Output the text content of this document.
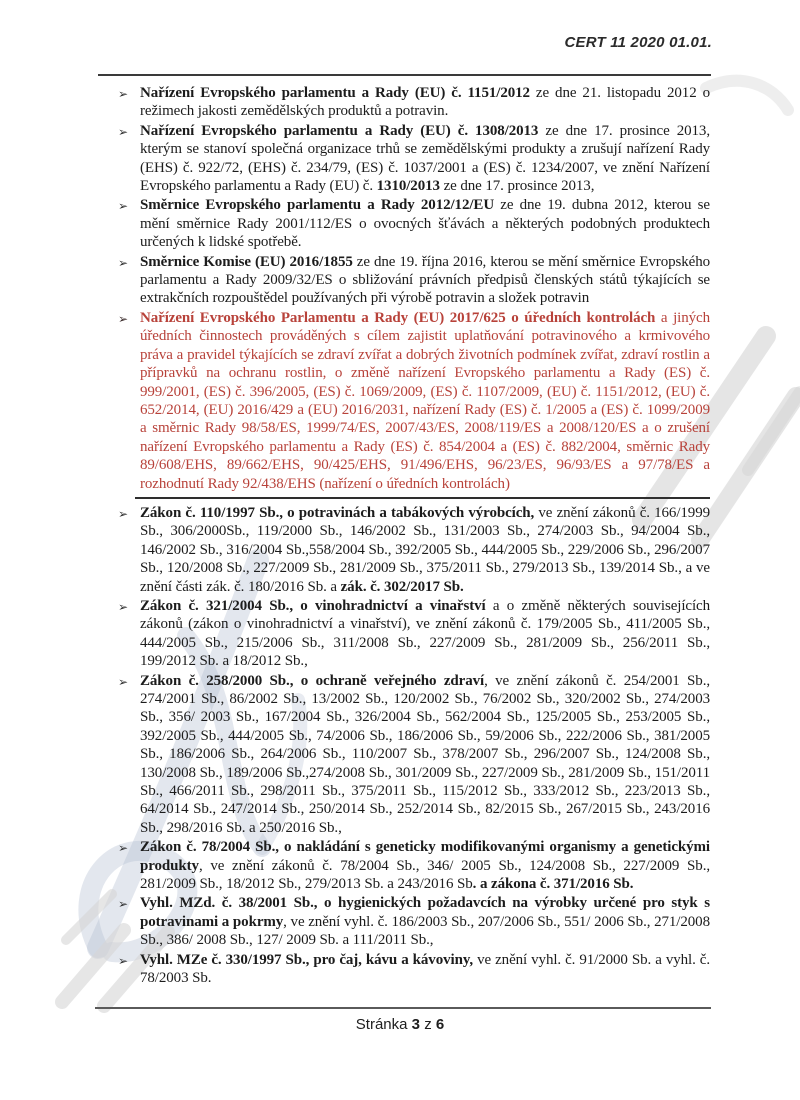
CERT 11 2020 01.01.
➢ Nařízení Evropského parlamentu a Rady (EU) č. 1151/2012 ze dne 21. listopadu 2012 o režimech jakosti zemědělských produktů a potravin.
➢ Nařízení Evropského parlamentu a Rady (EU) č. 1308/2013 ze dne 17. prosince 2013, kterým se stanoví společná organizace trhů se zemědělskými produkty a zrušují nařízení Rady (EHS) č. 922/72, (EHS) č. 234/79, (ES) č. 1037/2001 a (ES) č. 1234/2007, ve znění Nařízení Evropského parlamentu a Rady (EU) č. 1310/2013 ze dne 17. prosince 2013,
➢ Směrnice Evropského parlamentu a Rady 2012/12/EU ze dne 19. dubna 2012, kterou se mění směrnice Rady 2001/112/ES o ovocných šťávách a některých podobných produktech určených k lidské spotřebě.
➢ Směrnice Komise (EU) 2016/1855 ze dne 19. října 2016, kterou se mění směrnice Evropského parlamentu a Rady 2009/32/ES o sbližování právních předpisů členských států týkajících se extrakčních rozpouštědel používaných při výrobě potravin a složek potravin
➢ Nařízení Evropského Parlamentu a Rady (EU) 2017/625 o úředních kontrolách a jiných úředních činnostech prováděných s cílem zajistit uplatňování potravinového a krmivového práva a pravidel týkajících se zdraví zvířat a dobrých životních podmínek zvířat, zdraví rostlin a přípravků na ochranu rostlin, o změně nařízení Evropského parlamentu a Rady (ES) č. 999/2001, (ES) č. 396/2005, (ES) č. 1069/2009, (ES) č. 1107/2009, (EU) č. 1151/2012, (EU) č. 652/2014, (EU) 2016/429 a (EU) 2016/2031, nařízení Rady (ES) č. 1/2005 a (ES) č. 1099/2009 a směrnic Rady 98/58/ES, 1999/74/ES, 2007/43/ES, 2008/119/ES a 2008/120/ES a o zrušení nařízení Evropského parlamentu a Rady (ES) č. 854/2004 a (ES) č. 882/2004, směrnic Rady 89/608/EHS, 89/662/EHS, 90/425/EHS, 91/496/EHS, 96/23/ES, 96/93/ES a 97/78/ES a rozhodnutí Rady 92/438/EHS (nařízení o úředních kontrolách)
➢ Zákon č. 110/1997 Sb., o potravinách a tabákových výrobcích, ve znění zákonů č. 166/1999 Sb., 306/2000Sb., 119/2000 Sb., 146/2002 Sb., 131/2003 Sb., 274/2003 Sb., 94/2004 Sb., 146/2002 Sb., 316/2004 Sb.,558/2004 Sb., 392/2005 Sb., 444/2005 Sb., 229/2006 Sb., 296/2007 Sb., 120/2008 Sb., 227/2009 Sb., 281/2009 Sb., 375/2011 Sb., 279/2013 Sb., 139/2014 Sb., a ve znění části zák. č. 180/2016 Sb. a zák. č. 302/2017 Sb.
➢ Zákon č. 321/2004 Sb., o vinohradnictví a vinařství a o změně některých souvisejících zákonů (zákon o vinohradnictví a vinařství), ve znění zákonů č. 179/2005 Sb., 411/2005 Sb., 444/2005 Sb., 215/2006 Sb., 311/2008 Sb., 227/2009 Sb., 281/2009 Sb., 256/2011 Sb., 199/2012 Sb. a 18/2012 Sb.,
➢ Zákon č. 258/2000 Sb., o ochraně veřejného zdraví, ve znění zákonů č. 254/2001 Sb., 274/2001 Sb., 86/2002 Sb., 13/2002 Sb., 120/2002 Sb., 76/2002 Sb., 320/2002 Sb., 274/2003 Sb., 356/ 2003 Sb., 167/2004 Sb., 326/2004 Sb., 562/2004 Sb., 125/2005 Sb., 253/2005 Sb., 392/2005 Sb., 444/2005 Sb., 74/2006 Sb., 186/2006 Sb., 59/2006 Sb., 222/2006 Sb., 381/2005 Sb., 186/2006 Sb., 264/2006 Sb., 110/2007 Sb., 378/2007 Sb., 296/2007 Sb., 124/2008 Sb., 130/2008 Sb., 189/2006 Sb.,274/2008 Sb., 301/2009 Sb., 227/2009 Sb., 281/2009 Sb., 151/2011 Sb., 466/2011 Sb., 298/2011 Sb., 375/2011 Sb., 115/2012 Sb., 333/2012 Sb., 223/2013 Sb., 64/2014 Sb., 247/2014 Sb., 250/2014 Sb., 252/2014 Sb., 82/2015 Sb., 267/2015 Sb., 243/2016 Sb., 298/2016 Sb. a 250/2016 Sb.,
➢ Zákon č. 78/2004 Sb., o nakládání s geneticky modifikovanými organismy a genetickými produkty, ve znění zákonů č. 78/2004 Sb., 346/ 2005 Sb., 124/2008 Sb., 227/2009 Sb., 281/2009 Sb., 18/2012 Sb., 279/2013 Sb. a 243/2016 Sb. a zákona č. 371/2016 Sb.
➢ Vyhl. MZd. č. 38/2001 Sb., o hygienických požadavcích na výrobky určené pro styk s potravinami a pokrmy, ve znění vyhl. č. 186/2003 Sb., 207/2006 Sb., 551/ 2006 Sb., 271/2008 Sb., 386/ 2008 Sb., 127/ 2009 Sb. a 111/2011 Sb.,
➢ Vyhl. MZe č. 330/1997 Sb., pro čaj, kávu a kávoviny, ve znění vyhl. č. 91/2000 Sb. a vyhl. č. 78/2003 Sb.
Stránka 3 z 6
